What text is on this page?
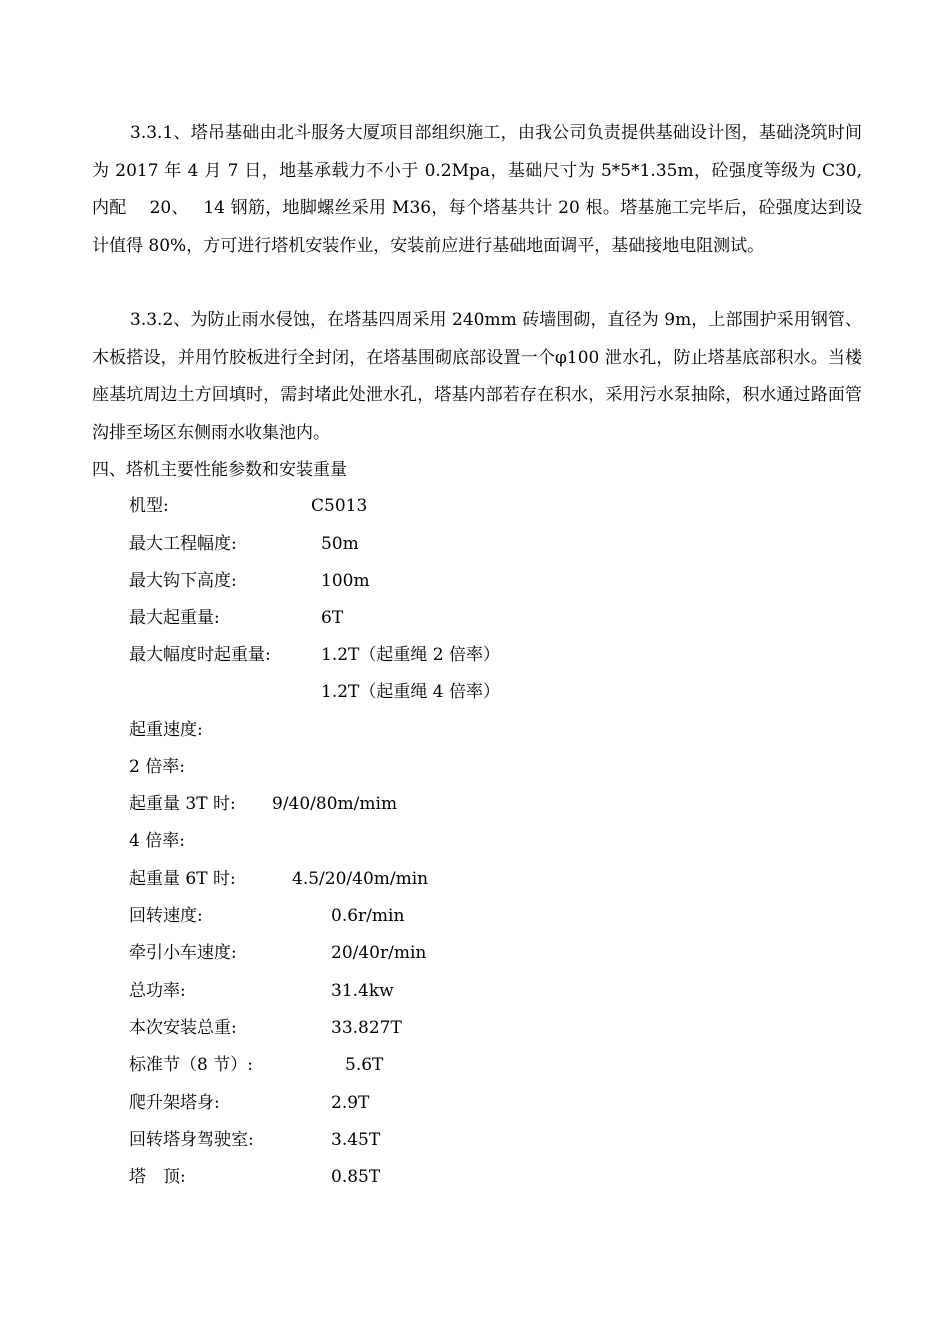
3.3.1、塔吊基础由北斗服务大厦项目部组织施工，由我公司负责提供基础设计图，基础浇筑时间为 2017 年 4 月 7 日，地基承载力不小于 0.2Mpa，基础尺寸为 5*5*1.35m，砼强度等级为 C30,内配　 20、　 14 钢筋，地脚螺丝采用 M36，每个塔基共计 20 根。塔基施工完毕后，砼强度达到设计值得 80%，方可进行塔机安装作业，安装前应进行基础地面调平，基础接地电阻测试。

3.3.2、为防止雨水侵蚀，在塔基四周采用 240mm 砖墙围砌，直径为 9m，上部围护采用钢管、木板搭设，并用竹胶板进行全封闭，在塔基围砌底部设置一个φ100 泄水孔，防止塔基底部积水。当楼座基坑周边土方回填时，需封堵此处泄水孔，塔基内部若存在积水，采用污水泵抽除，积水通过路面管沟排至场区东侧雨水收集池内。

四、塔机主要性能参数和安装重量

机型:	C5013
最大工程幅度:	50m
最大钩下高度:	100m
最大起重量:	6T
最大幅度时起重量:	1.2T（起重绳 2 倍率）
1.2T（起重绳 4 倍率）
起重速度:
2 倍率:
起重量 3T 时: 9/40/80m/mim
4 倍率:
起重量 6T 时:	4.5/20/40m/min
回转速度:	0.6r/min
牵引小车速度:	20/40r/min
总功率:	31.4kw
本次安装总重:	33.827T
标准节（8 节）:	5.6T
爬升架塔身:	2.9T
回转塔身驾驶室:	3.45T
塔　顶:	0.85T
